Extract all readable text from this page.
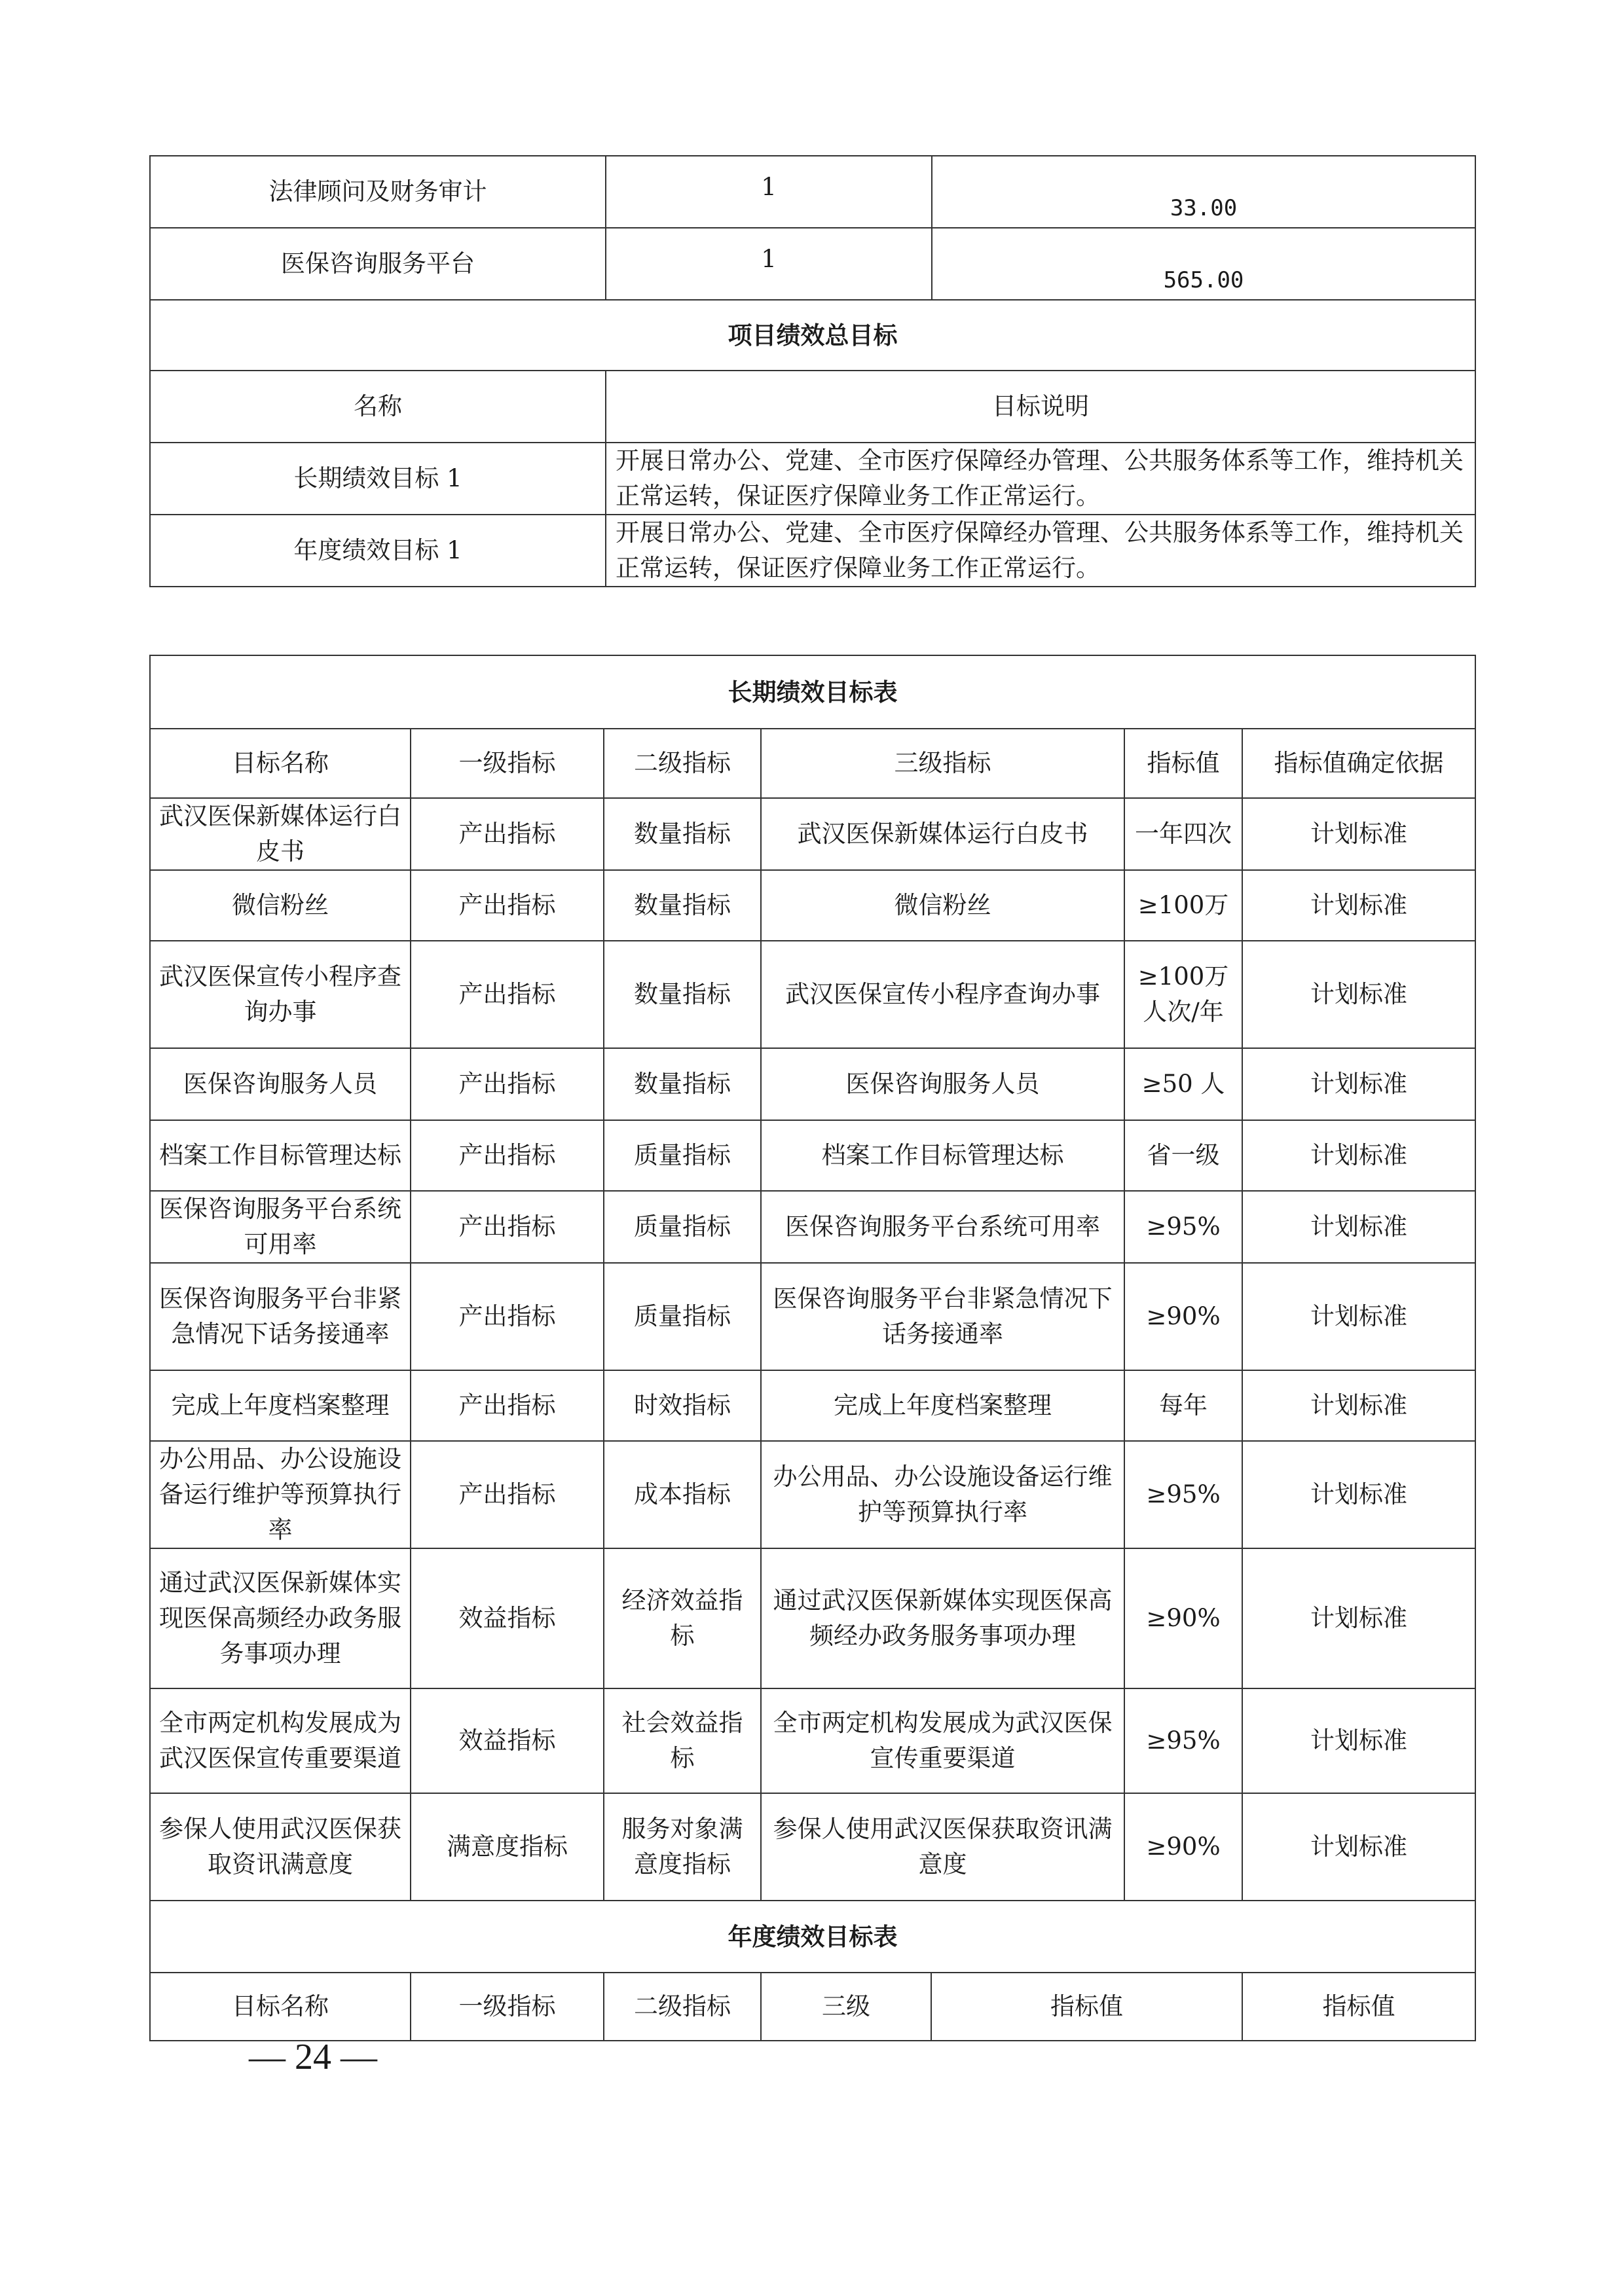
法律顾问及财务审计	1	33.00
医保咨询服务平台	1	565.00
项目绩效总目标		
名称	目标说明	
长期绩效目标 1	开展日常办公、党建、全市医疗保障经办管理、公共服务体系等工作，维持机关正常运转，保证医疗保障业务工作正常运行。	
年度绩效目标 1	开展日常办公、党建、全市医疗保障经办管理、公共服务体系等工作，维持机关正常运转，保证医疗保障业务工作正常运行。	
长期绩效目标表						
目标名称	一级指标	二级指标	三级指标		指标值	指标值确定依据
武汉医保新媒体运行白皮书	产出指标	数量指标	武汉医保新媒体运行白皮书		一年四次	计划标准
微信粉丝	产出指标	数量指标	微信粉丝		≥100万	计划标准
武汉医保宣传小程序查询办事	产出指标	数量指标	武汉医保宣传小程序查询办事		≥100万人次/年	计划标准
医保咨询服务人员	产出指标	数量指标	医保咨询服务人员		≥50 人	计划标准
档案工作目标管理达标	产出指标	质量指标	档案工作目标管理达标		省一级	计划标准
医保咨询服务平台系统可用率	产出指标	质量指标	医保咨询服务平台系统可用率		≥95%	计划标准
医保咨询服务平台非紧急情况下话务接通率	产出指标	质量指标	医保咨询服务平台非紧急情况下话务接通率		≥90%	计划标准
完成上年度档案整理	产出指标	时效指标	完成上年度档案整理		每年	计划标准
办公用品、办公设施设备运行维护等预算执行率	产出指标	成本指标	办公用品、办公设施设备运行维护等预算执行率		≥95%	计划标准
通过武汉医保新媒体实现医保高频经办政务服务事项办理	效益指标	经济效益指标	通过武汉医保新媒体实现医保高频经办政务服务事项办理		≥90%	计划标准
全市两定机构发展成为武汉医保宣传重要渠道	效益指标	社会效益指标	全市两定机构发展成为武汉医保宣传重要渠道		≥95%	计划标准
参保人使用武汉医保获取资讯满意度	满意度指标	服务对象满意度指标	参保人使用武汉医保获取资讯满意度		≥90%	计划标准
年度绩效目标表						
目标名称	一级指标	二级指标	三级	指标值		指标值
— 24 —
